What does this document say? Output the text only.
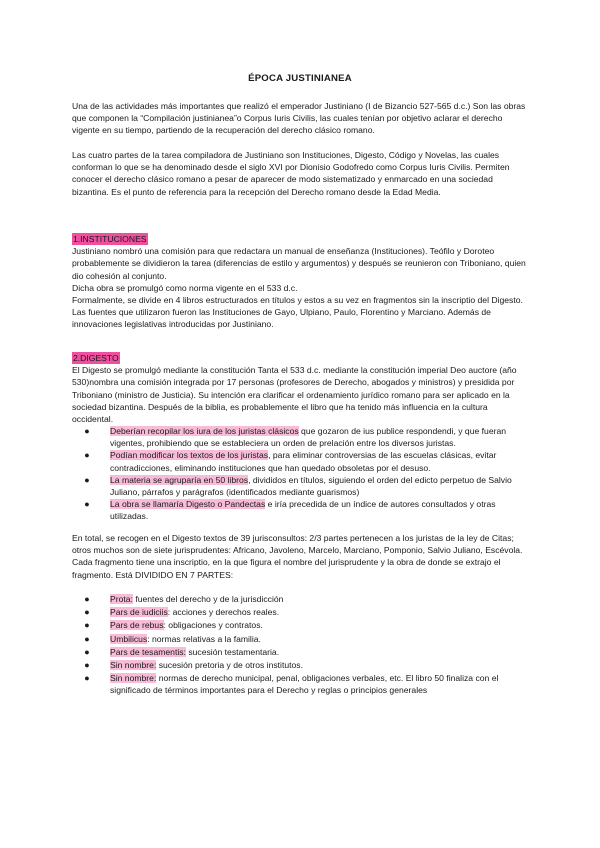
ÉPOCA JUSTINIANEA

Una de las actividades más importantes que realizó el emperador Justiniano (I de Bizancio 527-565 d.c.) Son las obras que componen la “Compilación justinianea”o Corpus Iuris Civilis, las cuales tenían por objetivo aclarar el derecho vigente en su tiempo, partiendo de la recuperación del derecho clásico romano.

Las cuatro partes de la tarea compiladora de Justiniano son Instituciones, Digesto, Código y Novelas, las cuales conforman lo que se ha denominado desde el siglo XVI por Dionisio Godofredo como Corpus Iuris Civilis. Permiten conocer el derecho clásico romano a pesar de aparecer de modo sistematizado y enmarcado en una sociedad bizantina. Es el punto de referencia para la recepción del Derecho romano desde la Edad Media.

1.INSTITUCIONES
Justiniano nombró una comisión para que redactara un manual de enseñanza (Instituciones). Teófilo y Doroteo probablemente se dividieron la tarea (diferencias de estilo y argumentos) y después se reunieron con Triboniano, quien dio cohesión al conjunto.
Dicha obra se promulgó como norma vigente en el 533 d.c.
Formalmente, se divide en 4 libros estructurados en títulos y estos a su vez en fragmentos sin la inscriptio del Digesto.
Las fuentes que utilizaron fueron las Instituciones de Gayo, Ulpiano, Paulo, Florentino y Marciano. Además de innovaciones legislativas introducidas por Justiniano.
2.DIGESTO
El Digesto se promulgó mediante la constitución Tanta el 533 d.c. mediante la constitución imperial Deo auctore (año 530)nombra una comisión integrada por 17 personas (profesores de Derecho, abogados y ministros) y presidida por Triboniano (ministro de Justicia). Su intención era clarificar el ordenamiento jurídico romano para ser aplicado en la sociedad bizantina. Después de la biblia, es probablemente el libro que ha tenido más influencia en la cultura occidental.
● Deberían recopilar los iura de los juristas clásicos que gozaron de ius publice respondendi, y que fueran vigentes, prohibiendo que se estableciera un orden de prelación entre los diversos juristas.
● Podían modificar los textos de los juristas, para eliminar controversias de las escuelas clásicas, evitar contradicciones, eliminando instituciones que han quedado obsoletas por el desuso.
● La materia se agruparía en 50 libros, divididos en títulos, siguiendo el orden del edicto perpetuo de Salvio Juliano, párrafos y parágrafos (identificados mediante guarismos)
● La obra se llamaría Digesto o Pandectas e iría precedida de un índice de autores consultados y otras utilizadas.

En total, se recogen en el Digesto textos de 39 jurisconsultos: 2/3 partes pertenecen a los juristas de la ley de Citas; otros muchos son de siete jurisprudentes: Africano, Javoleno, Marcelo, Marciano, Pomponio, Salvio Juliano, Escévola. Cada fragmento tiene una inscriptio, en la que figura el nombre del jurisprudente y la obra de donde se extrajo el fragmento. Está DIVIDIDO EN 7 PARTES:

● Prota: fuentes del derecho y de la jurisdicción
● Pars de iudiciis: acciones y derechos reales.
● Pars de rebus: obligaciones y contratos.
● Umbilicus: normas relativas a la familia.
● Pars de tesamentis: sucesión testamentaria.
● Sin nombre: sucesión pretoria y de otros institutos.
● Sin nombre: normas de derecho municipal, penal, obligaciones verbales, etc. El libro 50 finaliza con el significado de términos importantes para el Derecho y reglas o principios generales
